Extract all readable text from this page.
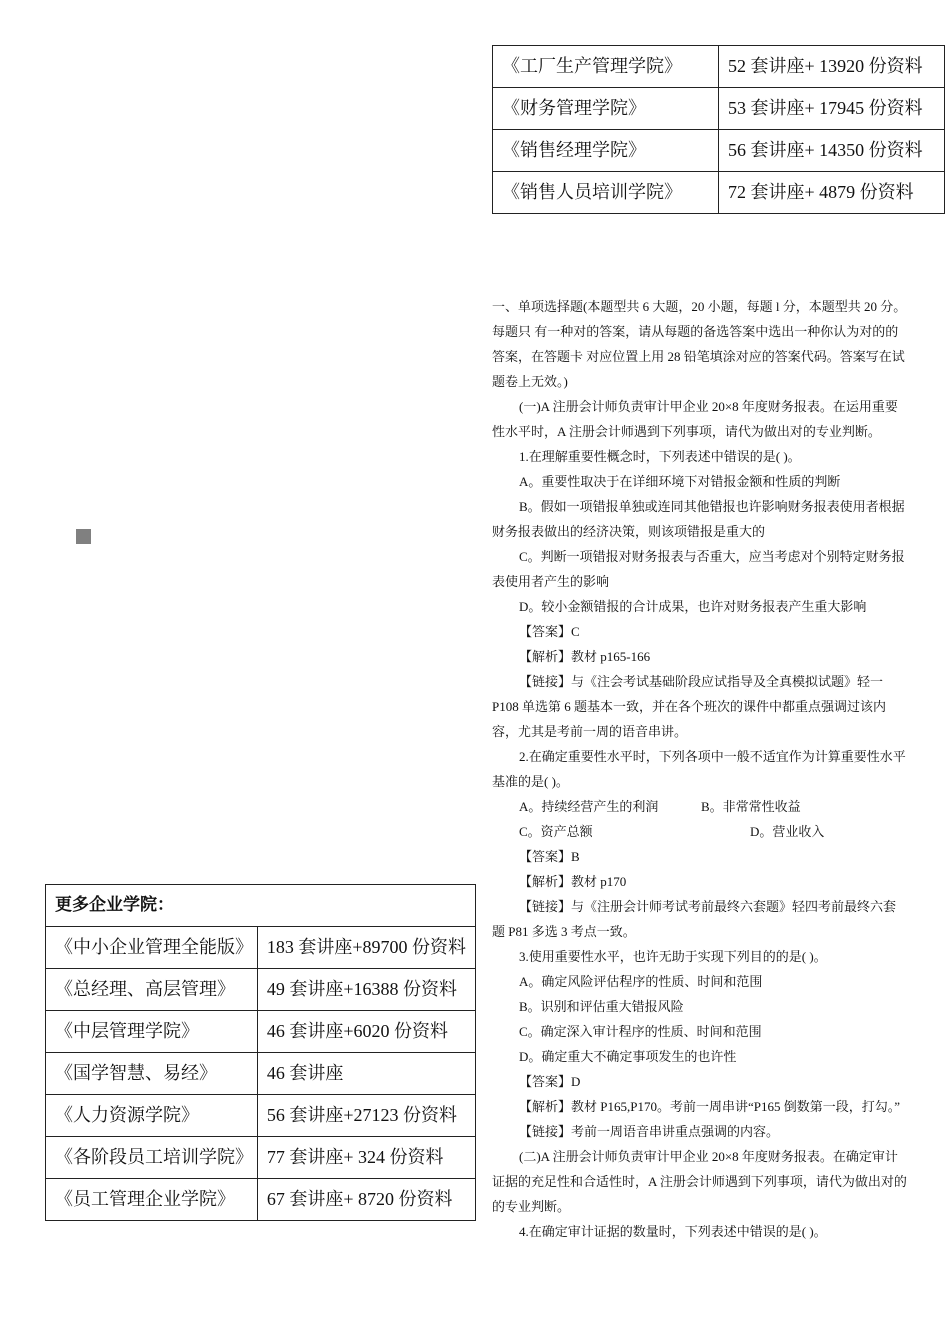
《工厂生产管理学院》	52 套讲座+ 13920 份资料
《财务管理学院》	53 套讲座+ 17945 份资料
《销售经理学院》	56 套讲座+ 14350 份资料
《销售人员培训学院》	72 套讲座+ 4879 份资料

一、单项选择题(本题型共 6 大题，20 小题，每题 l 分，本题型共 20 分。每题只 有一种对的答案，请从每题的备选答案中选出一种你认为对的的答案，在答题卡 对应位置上用 28 铅笔填涂对应的答案代码。答案写在试题卷上无效。)

(一)A 注册会计师负责审计甲企业 20×8 年度财务报表。在运用重要性水平时，A 注册会计师遇到下列事项，请代为做出对的专业判断。

1.在理解重要性概念时，下列表述中错误的是( )。

A。重要性取决于在详细环境下对错报金额和性质的判断

B。假如一项错报单独或连同其他错报也许影响财务报表使用者根据财务报表做出的经济决策，则该项错报是重大的

C。判断一项错报对财务报表与否重大，应当考虑对个别特定财务报表使用者产生的影响

D。较小金额错报的合计成果，也许对财务报表产生重大影响

【答案】C

【解析】教材 p165-166

【链接】与《注会考试基础阶段应试指导及全真模拟试题》轻一 P108 单选第 6 题基本一致，并在各个班次的课件中都重点强调过该内容，尤其是考前一周的语音串讲。

2.在确定重要性水平时，下列各项中一般不适宜作为计算重要性水平基准的是( )。

A。持续经营产生的利润	B。非常常性收益
C。资产总额	D。营业收入

【答案】B

【解析】教材 p170

【链接】与《注册会计师考试考前最终六套题》轻四考前最终六套题 P81 多选 3 考点一致。

3.使用重要性水平，也许无助于实现下列目的的是( )。

A。确定风险评估程序的性质、时间和范围

B。识别和评估重大错报风险

C。确定深入审计程序的性质、时间和范围

D。确定重大不确定事项发生的也许性

【答案】D

【解析】教材 P165,P170。考前一周串讲“P165 倒数第一段，打勾。”

【链接】考前一周语音串讲重点强调的内容。

(二)A 注册会计师负责审计甲企业 20×8 年度财务报表。在确定审计证据的充足性和合适性时，A 注册会计师遇到下列事项，请代为做出对的的专业判断。

4.在确定审计证据的数量时，下列表述中错误的是( )。

更多企业学院：	
《中小企业管理全能版》	183 套讲座+89700 份资料
《总经理、高层管理》	49 套讲座+16388 份资料
《中层管理学院》	46 套讲座+6020 份资料
《国学智慧、易经》	46 套讲座
《人力资源学院》	56 套讲座+27123 份资料
《各阶段员工培训学院》	77 套讲座+ 324 份资料
《员工管理企业学院》	67 套讲座+ 8720 份资料
